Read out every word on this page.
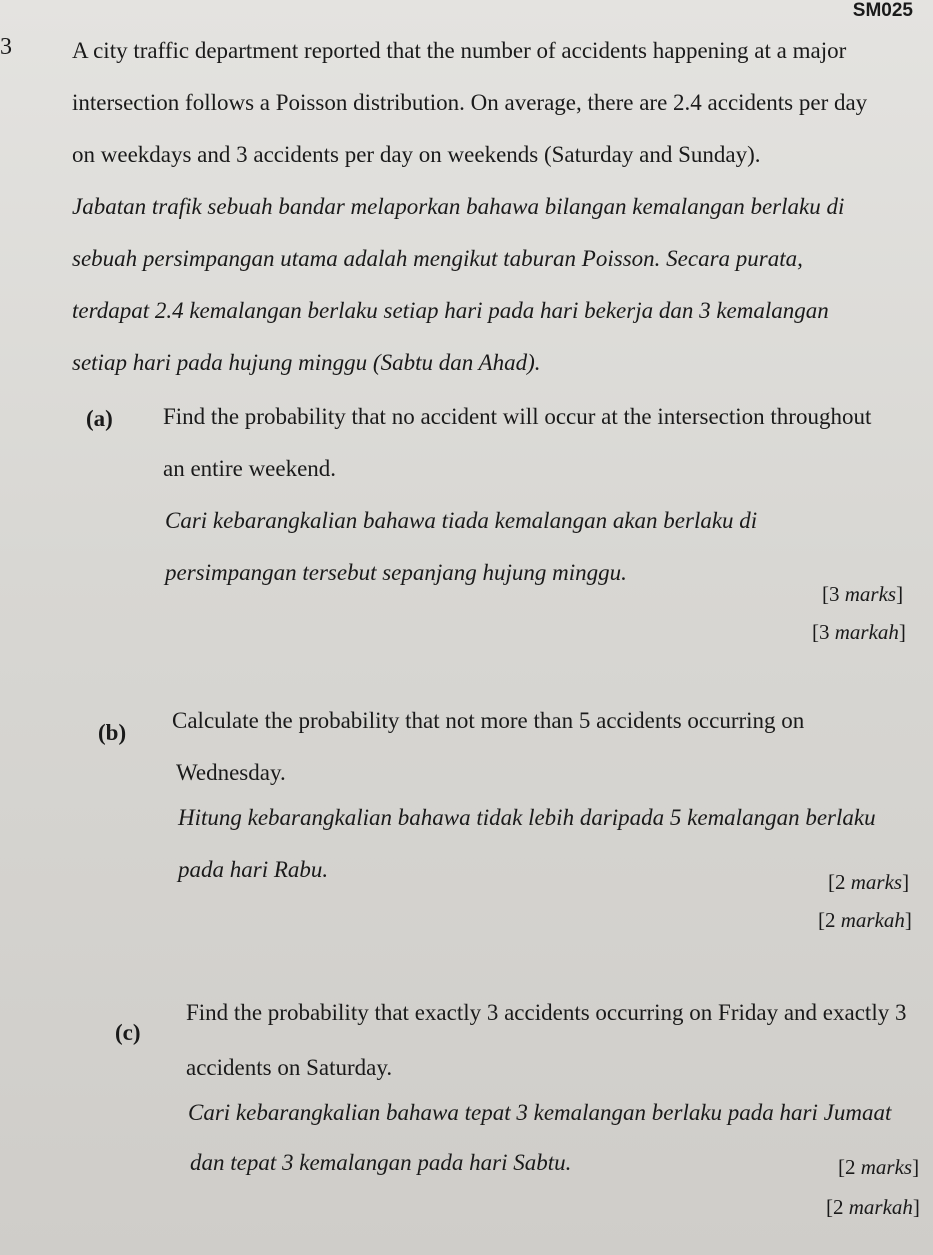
SM025
3	A city traffic department reported that the number of accidents happening at a major
intersection follows a Poisson distribution. On average, there are 2.4 accidents per day
on weekdays and 3 accidents per day on weekends (Saturday and Sunday).
Jabatan trafik sebuah bandar melaporkan bahawa bilangan kemalangan berlaku di
sebuah persimpangan utama adalah mengikut taburan Poisson. Secara purata,
terdapat 2.4 kemalangan berlaku setiap hari pada hari bekerja dan 3 kemalangan
setiap hari pada hujung minggu (Sabtu dan Ahad).
(a) Find the probability that no accident will occur at the intersection throughout
an entire weekend.
Cari kebarangkalian bahawa tiada kemalangan akan berlaku di
persimpangan tersebut sepanjang hujung minggu.
[3 marks]
[3 markah]
(b) Calculate the probability that not more than 5 accidents occurring on
Wednesday.
Hitung kebarangkalian bahawa tidak lebih daripada 5 kemalangan berlaku
pada hari Rabu.	[2 marks]
[2 markah]
(c)
Find the probability that exactly 3 accidents occurring on Friday and exactly 3
accidents on Saturday.
Cari kebarangkalian bahawa tepat 3 kemalangan berlaku pada hari Jumaat
dan tepat 3 kemalangan pada hari Sabtu.	[2 marks]
[2 markah]
